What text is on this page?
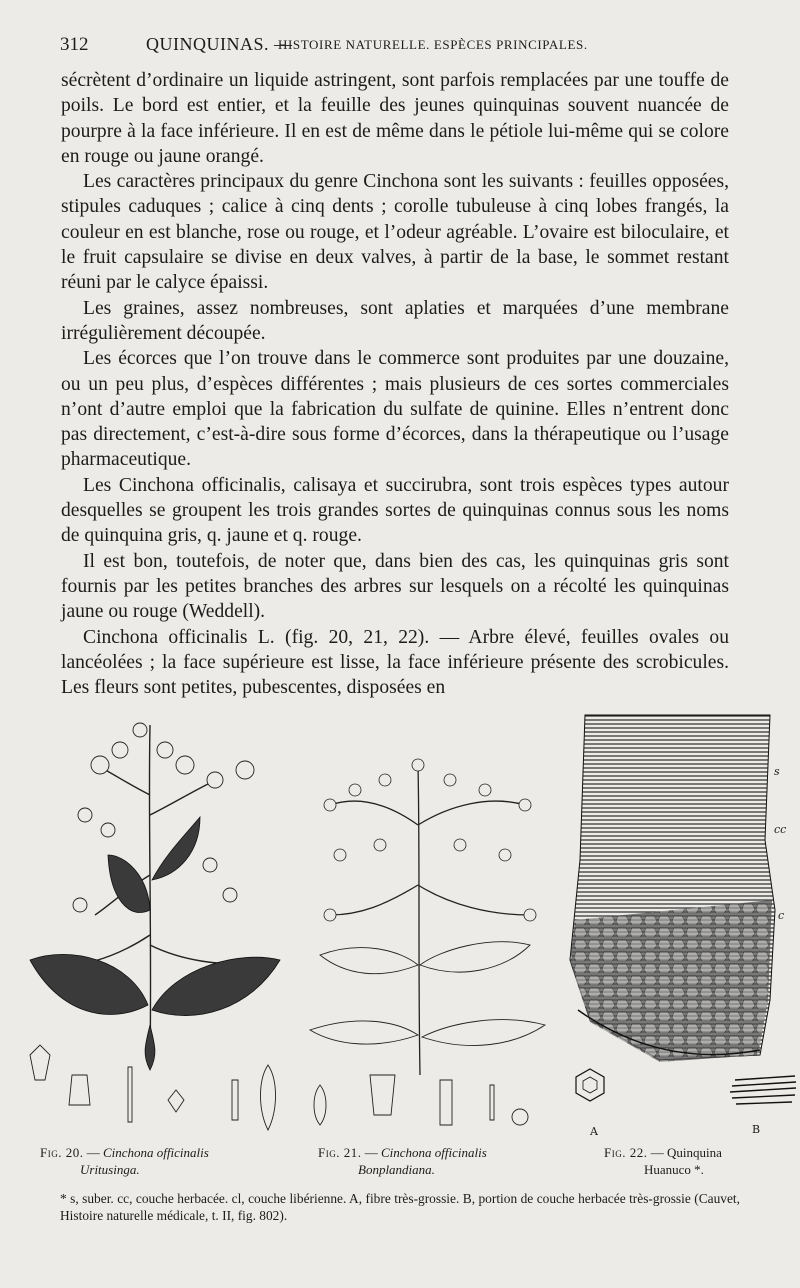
312	QUINQUINAS. —
HISTOIRE NATURELLE. ESPÈCES PRINCIPALES.

sécrètent d’ordinaire un liquide astringent, sont parfois remplacées par une touffe de poils. Le bord est entier, et la feuille des jeunes quinquinas souvent nuancée de pourpre à la face inférieure. Il en est de même dans le pétiole lui-même qui se colore en rouge ou jaune orangé.

Les caractères principaux du genre Cinchona sont les suivants : feuilles opposées, stipules caduques ; calice à cinq dents ; corolle tubuleuse à cinq lobes frangés, la couleur en est blanche, rose ou rouge, et l’odeur agréable. L’ovaire est biloculaire, et le fruit capsulaire se divise en deux valves, à partir de la base, le sommet restant réuni par le calyce épaissi.

Les graines, assez nombreuses, sont aplaties et marquées d’une membrane irrégulièrement découpée.

Les écorces que l’on trouve dans le commerce sont produites par une douzaine, ou un peu plus, d’espèces différentes ; mais plusieurs de ces sortes commerciales n’ont d’autre emploi que la fabrication du sulfate de quinine. Elles n’entrent donc pas directement, c’est-à-dire sous forme d’écorces, dans la thérapeutique ou l’usage pharmaceutique.

Les Cinchona officinalis, calisaya et succirubra, sont trois espèces types autour desquelles se groupent les trois grandes sortes de quinquinas connus sous les noms de quinquina gris, q. jaune et q. rouge.

Il est bon, toutefois, de noter que, dans bien des cas, les quinquinas gris sont fournis par les petites branches des arbres sur lesquels on a récolté les quinquinas jaune ou rouge (Weddell).

Cinchona officinalis L. (fig. 20, 21, 22). — Arbre élevé, feuilles ovales ou lancéolées ; la face supérieure est lisse, la face inférieure présente des scrobicules. Les fleurs sont petites, pubescentes, disposées en

s
cc
c
A	B
Fig. 20. — Cinchona officinalis
Uritusinga.
Fig. 21. — Cinchona officinalis
Bonplandiana.
Fig. 22. — Quinquina
Huanuco *.
* s, suber. cc, couche herbacée. cl, couche libérienne. A, fibre très-grossie. B, portion de couche herbacée très-grossie (Cauvet, Histoire naturelle médicale, t. II, fig. 802).
